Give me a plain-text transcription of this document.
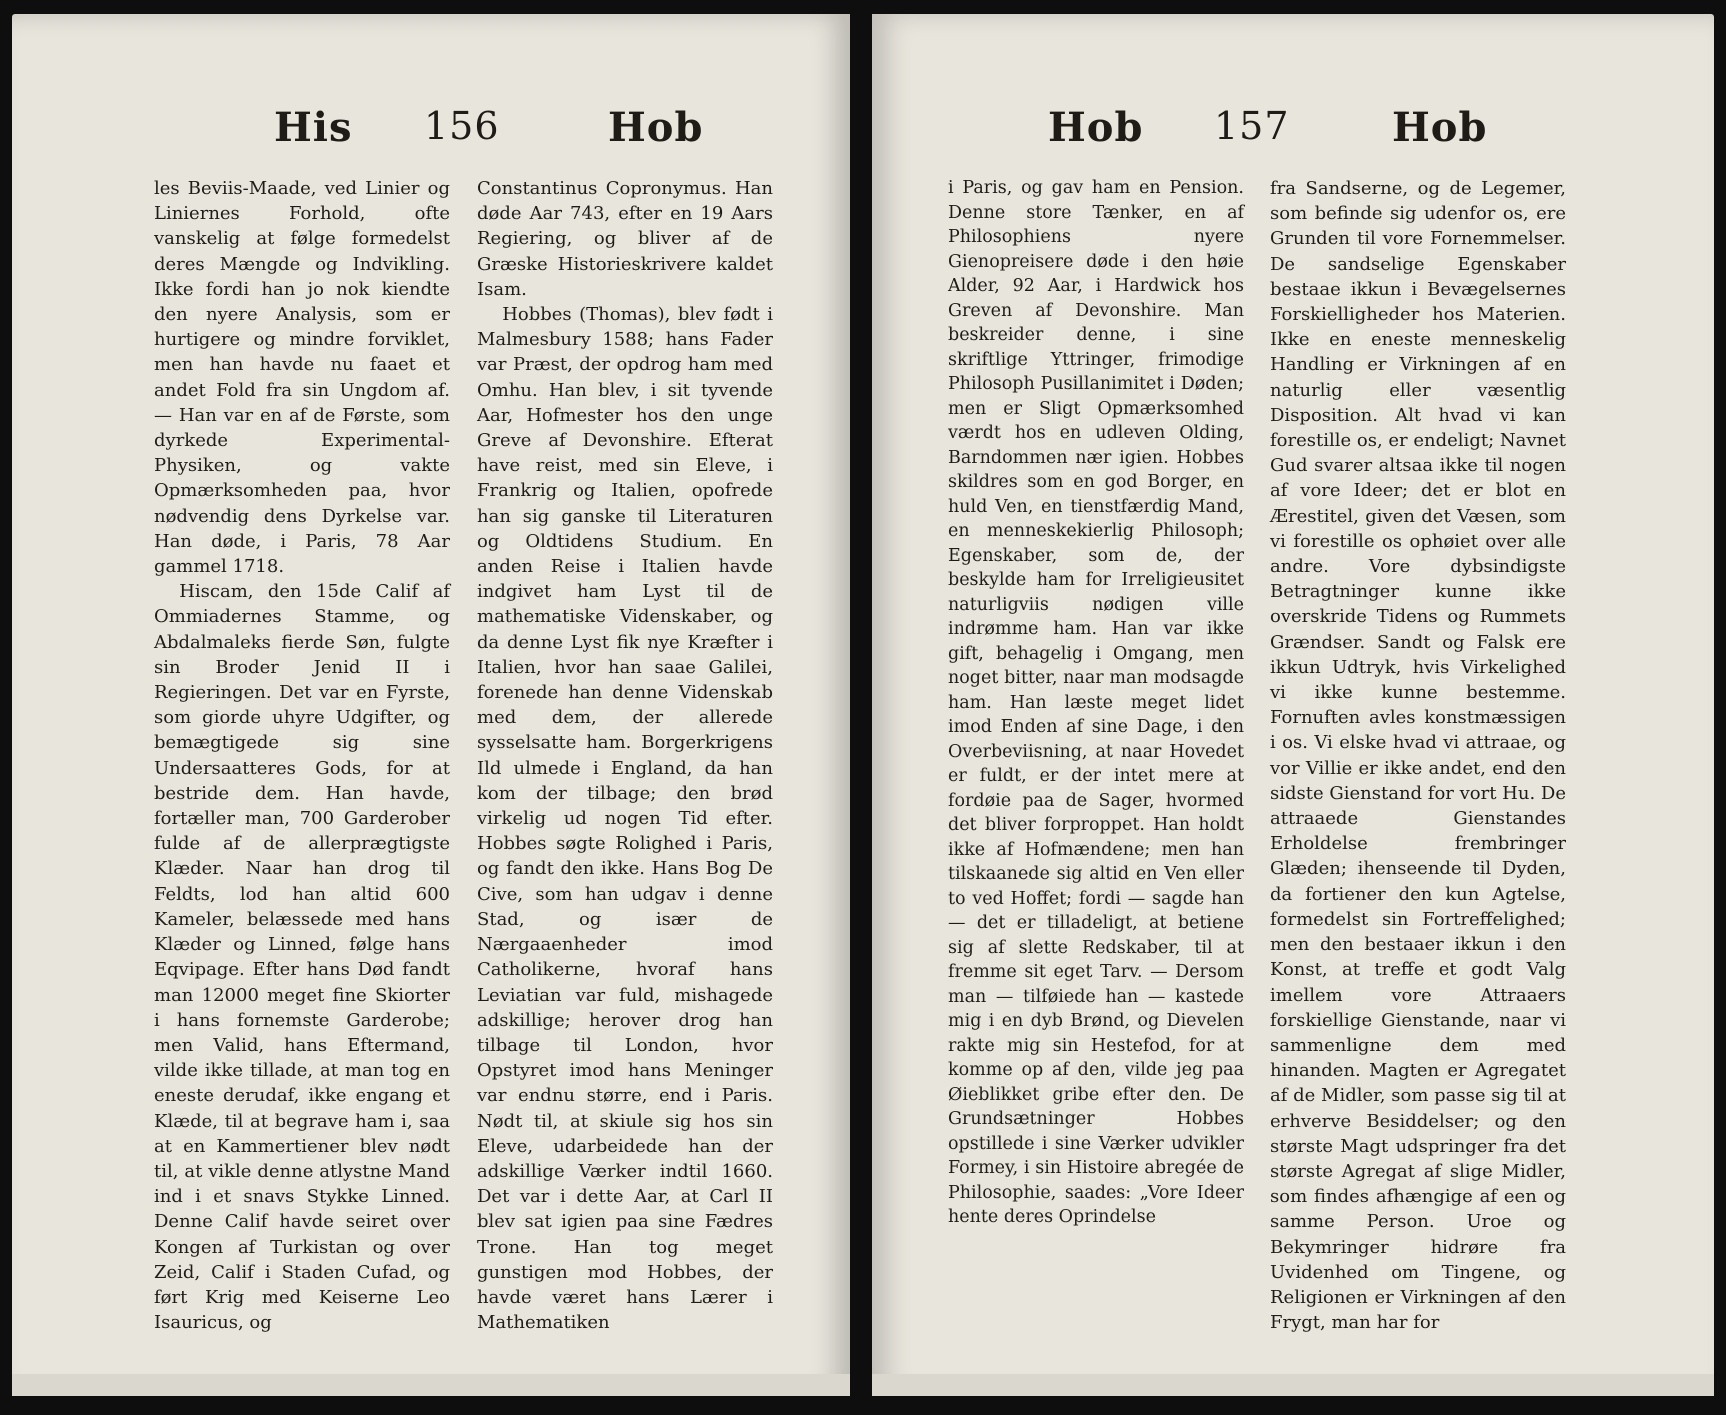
His 156	Hob

les Beviis-Maade, ved Linier og Liniernes Forhold, ofte vanskelig at følge formedelst deres Mængde og Indvikling. Ikke fordi han jo nok kiendte den nyere Analysis, som er hurtigere og mindre forviklet, men han havde nu faaet et andet Fold fra sin Ungdom af. — Han var en af de Første, som dyrkede Experimental-Physiken, og vakte Opmærksomheden paa, hvor nødvendig dens Dyrkelse var. Han døde, i Paris, 78 Aar gammel 1718.

Hiscam, den 15de Calif af Ommiadernes Stamme, og Abdalmaleks fierde Søn, fulgte sin Broder Jenid II i Regieringen. Det var en Fyrste, som giorde uhyre Udgifter, og bemægtigede sig sine Undersaatteres Gods, for at bestride dem. Han havde, fortæller man, 700 Garderober fulde af de allerprægtigste Klæder. Naar han drog til Feldts, lod han altid 600 Kameler, belæssede med hans Klæder og Linned, følge hans Eqvipage. Efter hans Død fandt man 12000 meget fine Skiorter i hans fornemste Garderobe; men Valid, hans Eftermand, vilde ikke tillade, at man tog en eneste derudaf, ikke engang et Klæde, til at begrave ham i, saa at en Kammertiener blev nødt til, at vikle denne atlystne Mand ind i et snavs Stykke Linned. Denne Calif havde seiret over Kongen af Turkistan og over Zeid, Calif i Staden Cufad, og ført Krig med Keiserne Leo Isauricus, og

Constantinus Copronymus. Han døde Aar 743, efter en 19 Aars Regiering, og bliver af de Græske Historieskrivere kaldet Isam.

Hobbes (Thomas), blev født i Malmesbury 1588; hans Fader var Præst, der opdrog ham med Omhu. Han blev, i sit tyvende Aar, Hofmester hos den unge Greve af Devonshire. Efterat have reist, med sin Eleve, i Frankrig og Italien, opofrede han sig ganske til Literaturen og Oldtidens Studium. En anden Reise i Italien havde indgivet ham Lyst til de mathematiske Videnskaber, og da denne Lyst fik nye Kræfter i Italien, hvor han saae Galilei, forenede han denne Videnskab med dem, der allerede sysselsatte ham. Borgerkrigens Ild ulmede i England, da han kom der tilbage; den brød virkelig ud nogen Tid efter. Hobbes søgte Rolighed i Paris, og fandt den ikke. Hans Bog De Cive, som han udgav i denne Stad, og især de Nærgaaenheder imod Catholikerne, hvoraf hans Leviatian var fuld, mishagede adskillige; herover drog han tilbage til London, hvor Opstyret imod hans Meninger var endnu større, end i Paris. Nødt til, at skiule sig hos sin Eleve, udarbeidede han der adskillige Værker indtil 1660. Det var i dette Aar, at Carl II blev sat igien paa sine Fædres Trone. Han tog meget gunstigen mod Hobbes, der havde været hans Lærer i Mathematiken

Hob 157	Hob

i Paris, og gav ham en Pension. Denne store Tænker, en af Philosophiens nyere Gienopreisere døde i den høie Alder, 92 Aar, i Hardwick hos Greven af Devonshire. Man beskreider denne, i sine skriftlige Yttringer, frimodige Philosoph Pusillanimitet i Døden; men er Sligt Opmærksomhed værdt hos en udleven Olding, Barndommen nær igien. Hobbes skildres som en god Borger, en huld Ven, en tienstfærdig Mand, en menneskekierlig Philosoph; Egenskaber, som de, der beskylde ham for Irreligieusitet naturligviis nødigen ville indrømme ham. Han var ikke gift, behagelig i Omgang, men noget bitter, naar man modsagde ham. Han læste meget lidet imod Enden af sine Dage, i den Overbeviisning, at naar Hovedet er fuldt, er der intet mere at fordøie paa de Sager, hvormed det bliver forproppet. Han holdt ikke af Hofmændene; men han tilskaanede sig altid en Ven eller to ved Hoffet; fordi — sagde han — det er tilladeligt, at betiene sig af slette Redskaber, til at fremme sit eget Tarv. — Dersom man — tilføiede han — kastede mig i en dyb Brønd, og Dievelen rakte mig sin Hestefod, for at komme op af den, vilde jeg paa Øieblikket gribe efter den. De Grundsætninger Hobbes opstillede i sine Værker udvikler Formey, i sin Histoire abregée de Philosophie, saades: „Vore Ideer hente deres Oprindelse

fra Sandserne, og de Legemer, som befinde sig udenfor os, ere Grunden til vore Fornemmelser. De sandselige Egenskaber bestaae ikkun i Bevægelsernes Forskielligheder hos Materien. Ikke en eneste menneskelig Handling er Virkningen af en naturlig eller væsentlig Disposition. Alt hvad vi kan forestille os, er endeligt; Navnet Gud svarer altsaa ikke til nogen af vore Ideer; det er blot en Ærestitel, given det Væsen, som vi forestille os ophøiet over alle andre. Vore dybsindigste Betragtninger kunne ikke overskride Tidens og Rummets Grændser. Sandt og Falsk ere ikkun Udtryk, hvis Virkelighed vi ikke kunne bestemme. Fornuften avles konstmæssigen i os. Vi elske hvad vi attraae, og vor Villie er ikke andet, end den sidste Gienstand for vort Hu. De attraaede Gienstandes Erholdelse frembringer Glæden; ihenseende til Dyden, da fortiener den kun Agtelse, formedelst sin Fortreffelighed; men den bestaaer ikkun i den Konst, at treffe et godt Valg imellem vore Attraaers forskiellige Gienstande, naar vi sammenligne dem med hinanden. Magten er Agregatet af de Midler, som passe sig til at erhverve Besiddelser; og den største Magt udspringer fra det største Agregat af slige Midler, som findes afhængige af een og samme Person. Uroe og Bekymringer hidrøre fra Uvidenhed om Tingene, og Religionen er Virkningen af den Frygt, man har for
